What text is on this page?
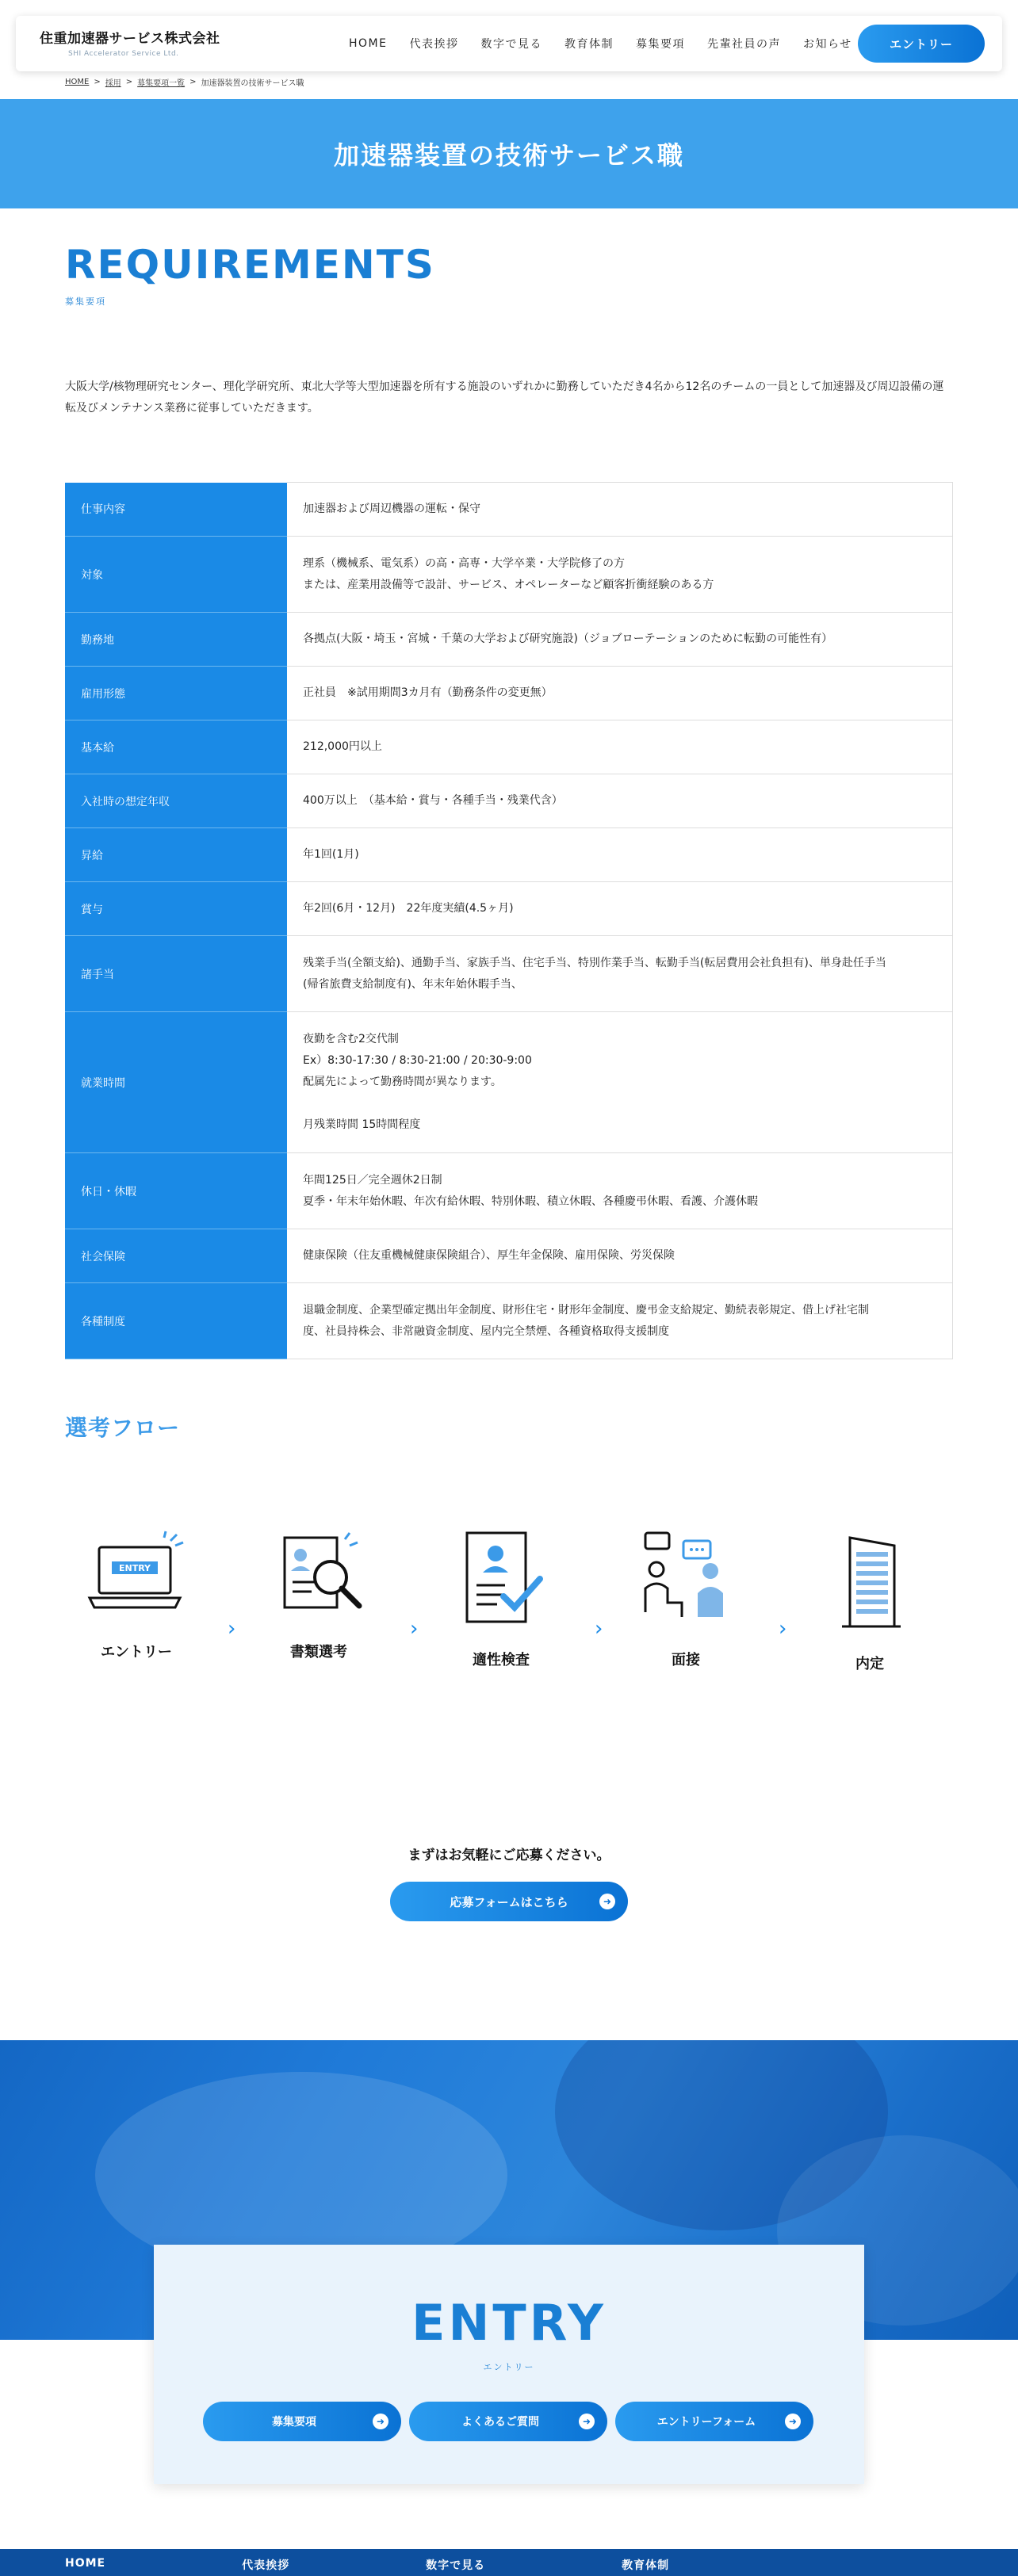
住重加速器サービス株式会社
SHI Accelerator Service Ltd.
HOME 代表挨拶 数字で見る 教育体制 募集要項 先輩社員の声 お知らせ	エントリー
HOME > 採用 > 募集要項一覧 > 加速器装置の技術サービス職
加速器装置の技術サービス職
REQUIREMENTS
募集要項

大阪大学/核物理研究センター、理化学研究所、東北大学等大型加速器を所有する施設のいずれかに勤務していただき4名から12名のチームの一員として加速器及び周辺設備の運転及びメンテナンス業務に従事していただきます。

仕事内容	加速器および周辺機器の運転・保守

対象	理系（機械系、電気系）の高・高専・大学卒業・大学院修了の方
または、産業用設備等で設計、サービス、オペレーターなど顧客折衝経験のある方

勤務地	各拠点(大阪・埼玉・宮城・千葉の大学および研究施設)（ジョブローテーションのために転勤の可能性有）

雇用形態	正社員　※試用期間3カ月有（勤務条件の変更無）

基本給	212,000円以上

入社時の想定年収	400万以上　（基本給・賞与・各種手当・残業代含）

昇給	年1回(1月)

賞与	年2回(6月・12月)　22年度実績(4.5ヶ月)

諸手当	残業手当(全額支給)、通勤手当、家族手当、住宅手当、特別作業手当、転勤手当(転居費用会社負担有)、単身赴任手当
(帰省旅費支給制度有)、年末年始休暇手当、

就業時間	夜勤を含む2交代制
Ex）8:30-17:30 / 8:30-21:00 / 20:30-9:00
配属先によって勤務時間が異なります。

月残業時間 15時間程度

休日・休暇	年間125日／完全週休2日制
夏季・年末年始休暇、年次有給休暇、特別休暇、積立休暇、各種慶弔休暇、看護、介護休暇

社会保険	健康保険（住友重機械健康保険組合）、厚生年金保険、雇用保険、労災保険

各種制度	退職金制度、企業型確定拠出年金制度、財形住宅・財形年金制度、慶弔金支給規定、勤続表彰規定、借上げ社宅制
度、社員持株会、非常融資金制度、屋内完全禁煙、各種資格取得支援制度
選考フロー
ENTRY
エントリー
›
書類選考
›
適性検査
›
面接
›
内定
まずはお気軽にご応募ください。
応募フォームはこちら	➜
ENTRY
エントリー
募集要項	➜	よくあるご質問	➜	エントリーフォーム	➜
HOME	代表挨拶	数字で見る	教育体制
